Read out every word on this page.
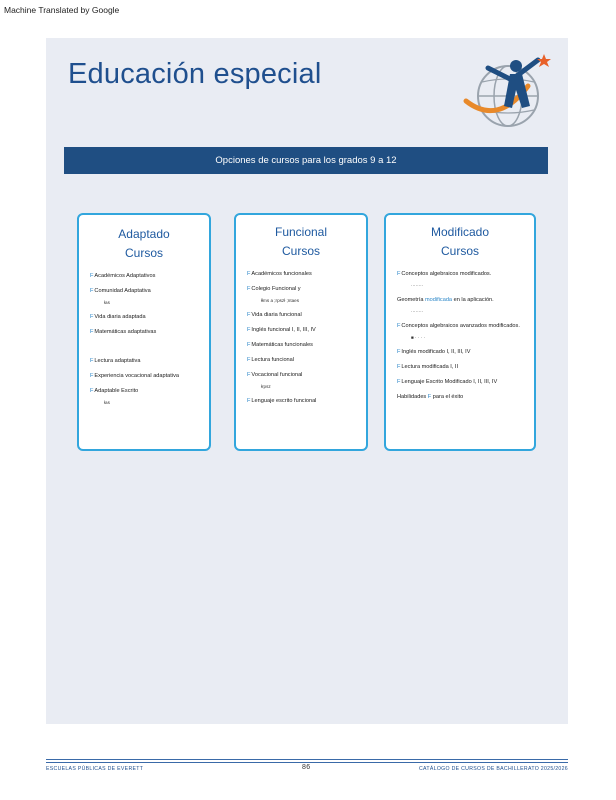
Machine Translated by Google
Educación especial
Opciones de cursos para los grados 9 a 12
Adaptado
Cursos
FAcadémicos Adaptativos
FComunidad Adaptativa
łas
FVida diaria adaptada
FMatemáticas adaptativas
FLectura adaptativa
FExperiencia vocacional adaptativa
FAdaptable Escrito
łas
Funcional
Cursos
FAcadémicos funcionales
FColegio Funcional y
łłms a ;rpszł ;ntaes
FVida diaria funcional
FInglés funcional I, II, III, IV
FMatemáticas funcionales
FLectura funcional
FVocacional funcional
łrpsz
FLenguaje escrito funcional
Modificado
Cursos
FConceptos algebraicos modificados.
········
Geometría modificada en la aplicación.
········
FConceptos algebraicos avanzados modificados.
■ · · · ·
FInglés modificado I, II, III, IV
FLectura modificada I, II
FLenguaje Escrito Modificado I, II, III, IV
Habilidades F para el éxito
ESCUELAS PÚBLICAS DE EVERETT	86	CATÁLOGO DE CURSOS DE BACHILLERATO 2025/2026
